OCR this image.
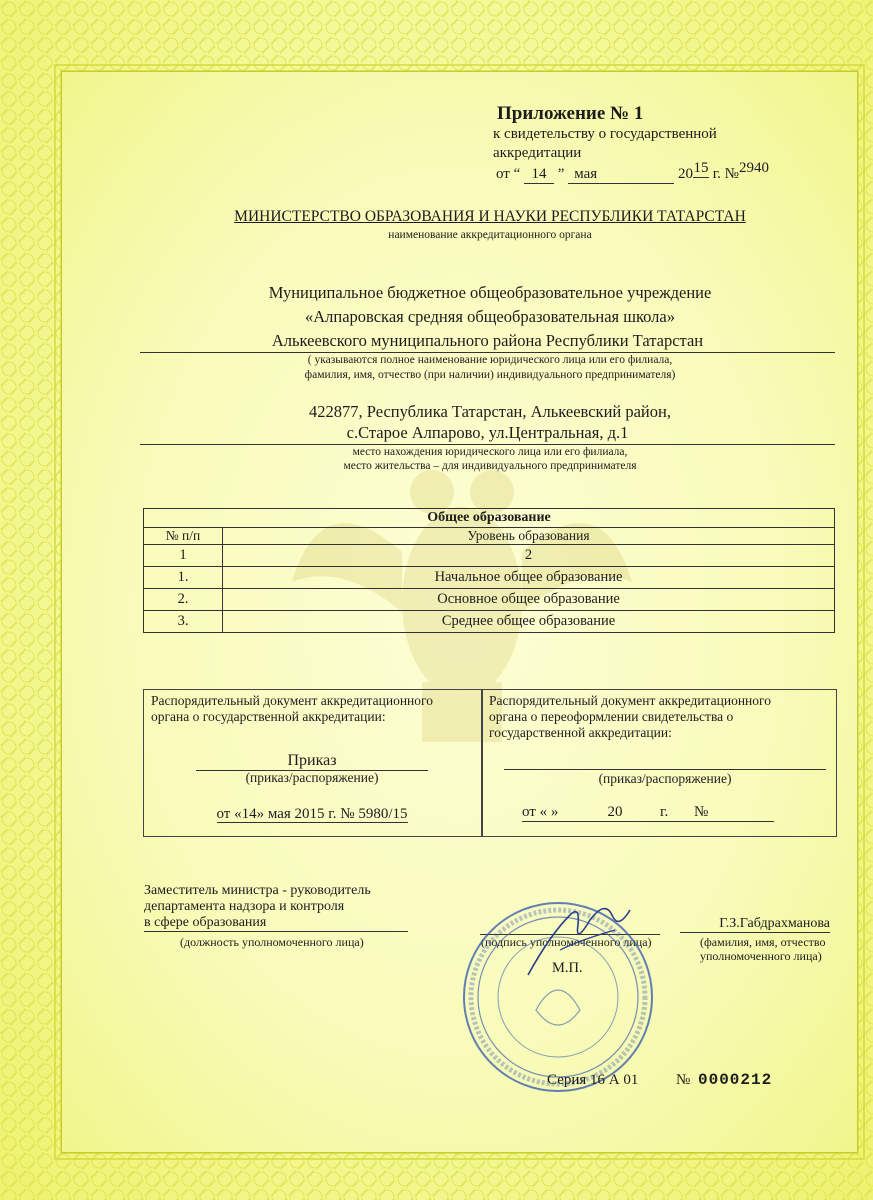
Приложение № 1
к свидетельству о государственной
аккредитации
от “ 14 ” мая	2015 г. №2940
МИНИСТЕРСТВО ОБРАЗОВАНИЯ И НАУКИ РЕСПУБЛИКИ ТАТАРСТАН
наименование аккредитационного органа
Муниципальное бюджетное общеобразовательное учреждение
«Алпаровская средняя общеобразовательная школа»
Алькеевского муниципального района Республики Татарстан
( указываются полное наименование юридического лица или его филиала,
фамилия, имя, отчество (при наличии) индивидуального предпринимателя)
422877, Республика Татарстан, Алькеевский район,
с.Старое Алпарово, ул.Центральная, д.1
место нахождения юридического лица или его филиала,
место жительства – для индивидуального предпринимателя
Общее образование	
№ п/п	Уровень образования
1	2
1.	Начальное общее образование
2.	Основное общее образование
3.	Среднее общее образование
Распорядительный документ аккредитационного
органа о государственной аккредитации:
Приказ
(приказ/распоряжение)
от «14» мая 2015 г. № 5980/15
Распорядительный документ аккредитационного
органа о переоформлении свидетельства о
государственной аккредитации:
(приказ/распоряжение)
от « »	20	г. №
Заместитель министра - руководитель
департамента надзора и контроля
в сфере образования
(должность уполномоченного лица)	(подпись уполномоченного лица)
Г.З.Габдрахманова
(фамилия, имя, отчество
уполномоченного лица)
М.П.
Серия 16 А 01	№ 0000212
